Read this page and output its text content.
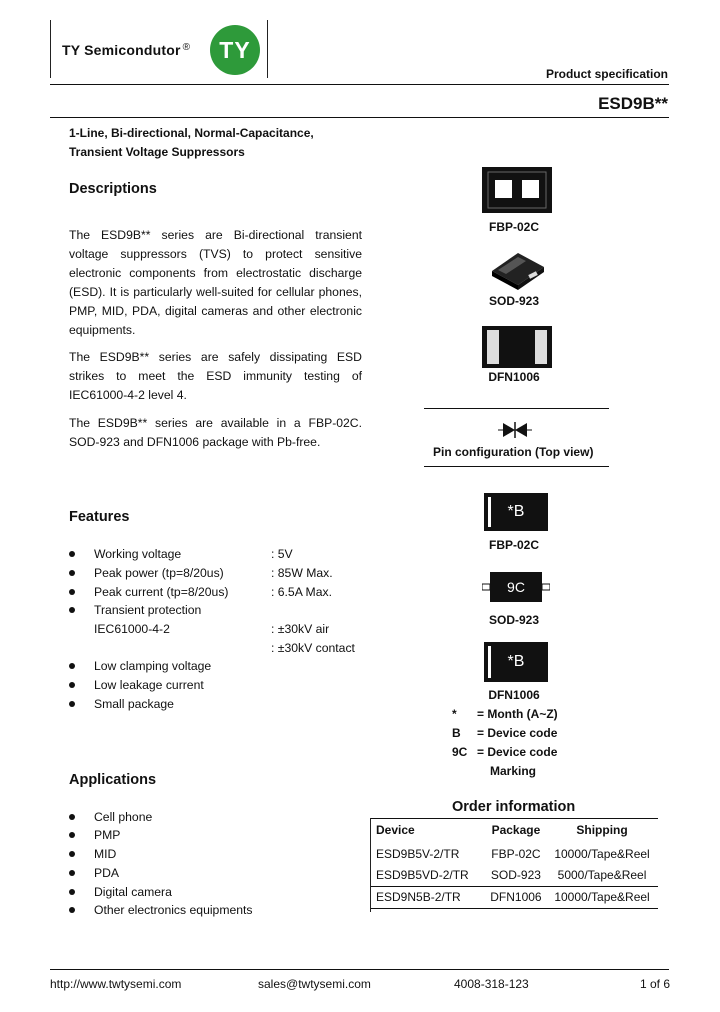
TY Semicondutor ®	TY
Product specification
ESD9B**
1-Line, Bi-directional, Normal-Capacitance,
Transient Voltage Suppressors
Descriptions
The ESD9B** series are Bi-directional transient voltage suppressors (TVS) to protect sensitive electronic components from electrostatic discharge (ESD). It is particularly well-suited for cellular phones, PMP, MID, PDA, digital cameras and other electronic equipments.
The ESD9B** series are safely dissipating ESD strikes to meet the ESD immunity testing of IEC61000-4-2 level 4.
The ESD9B** series are available in a FBP-02C. SOD-923 and DFN1006 package with Pb-free.
Features
Working voltage	: 5V
Peak power (tp=8/20us)	: 85W Max.
Peak current (tp=8/20us)	: 6.5A Max.
Transient protection
IEC61000-4-2	: ±30kV air
: ±30kV contact
Low clamping voltage
Low leakage current
Small package
Applications
Cell phone
PMP
MID
PDA
Digital camera
Other electronics equipments
FBP-02C
SOD-923
DFN1006
Pin configuration (Top view)
*B
FBP-02C
9C
SOD-923
*B
DFN1006
* = Month (A~Z)
B = Device code
9C = Device code
Marking
Order information
Device	Package	Shipping
ESD9B5V-2/TR	FBP-02C	10000/Tape&Reel
ESD9B5VD-2/TR	SOD-923	5000/Tape&Reel
ESD9N5B-2/TR	DFN1006	10000/Tape&Reel
http://www.twtysemi.com	sales@twtysemi.com	4008-318-123	1 of 6
